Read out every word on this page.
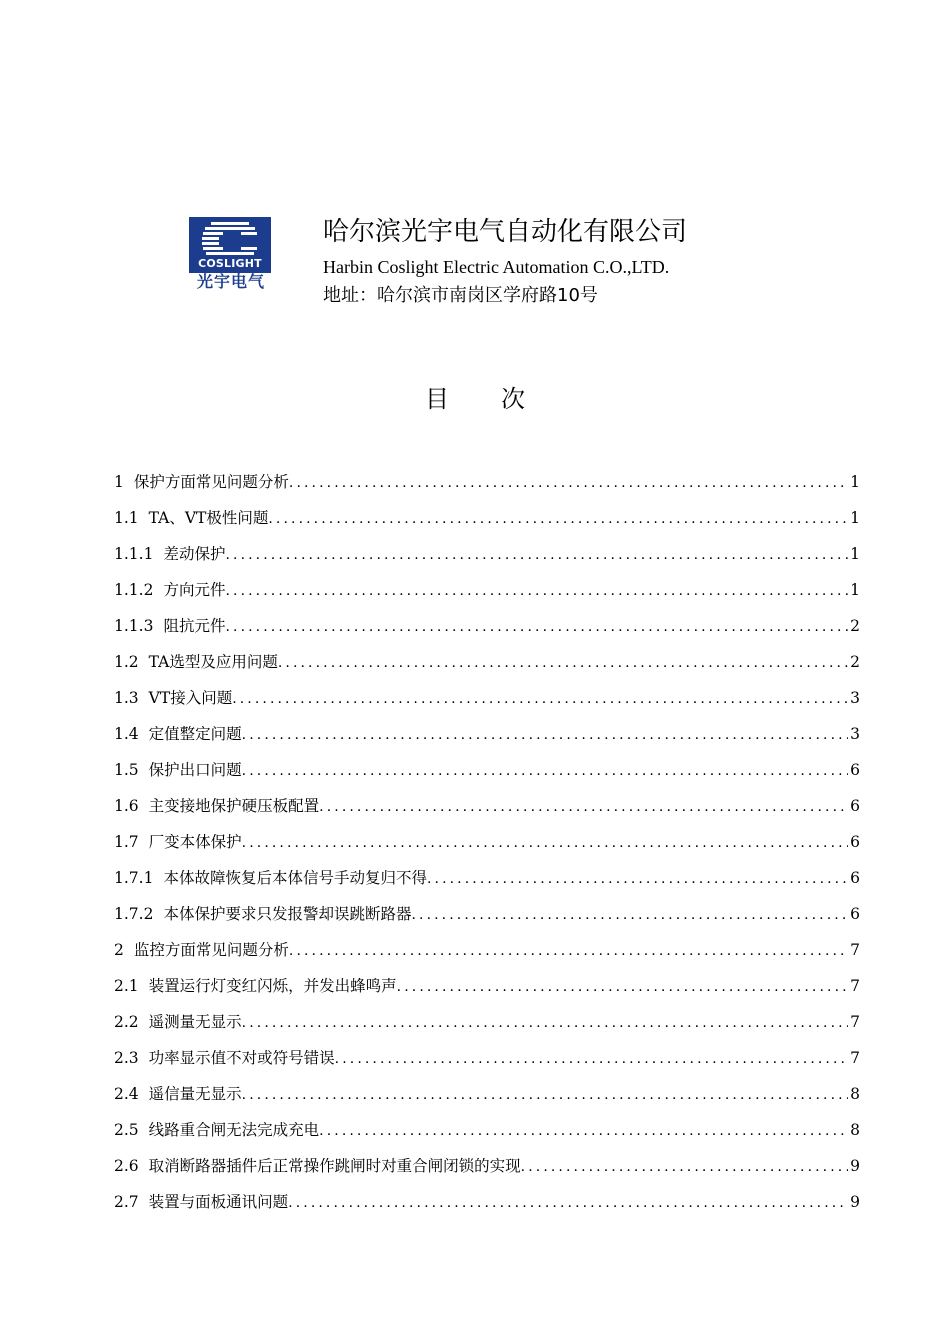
COSLIGHT
光宇电气
哈尔滨光宇电气自动化有限公司
Harbin Coslight Electric Automation C.O.,LTD.
地址：哈尔滨市南岗区学府路10号
目 次
1 保护方面常见问题分析 .....	1
1.1 TA、VT极性问题 .....	1
1.1.1 差动保护 .....	1
1.1.2 方向元件 .....	1
1.1.3 阻抗元件 .....	2
1.2 TA选型及应用问题 .....	2
1.3 VT接入问题 .....	3
1.4 定值整定问题 .....	3
1.5 保护出口问题 .....	6
1.6 主变接地保护硬压板配置 .....	6
1.7 厂变本体保护 .....	6
1.7.1 本体故障恢复后本体信号手动复归不得 .....	6
1.7.2 本体保护要求只发报警却误跳断路器 .....	6
2 监控方面常见问题分析 .....	7
2.1 装置运行灯变红闪烁，并发出蜂鸣声 .....	7
2.2 遥测量无显示 .....	7
2.3 功率显示值不对或符号错误 .....	7
2.4 遥信量无显示 .....	8
2.5 线路重合闸无法完成充电 .....	8
2.6 取消断路器插件后正常操作跳闸时对重合闸闭锁的实现 .....	9
2.7 装置与面板通讯问题 .....	9
